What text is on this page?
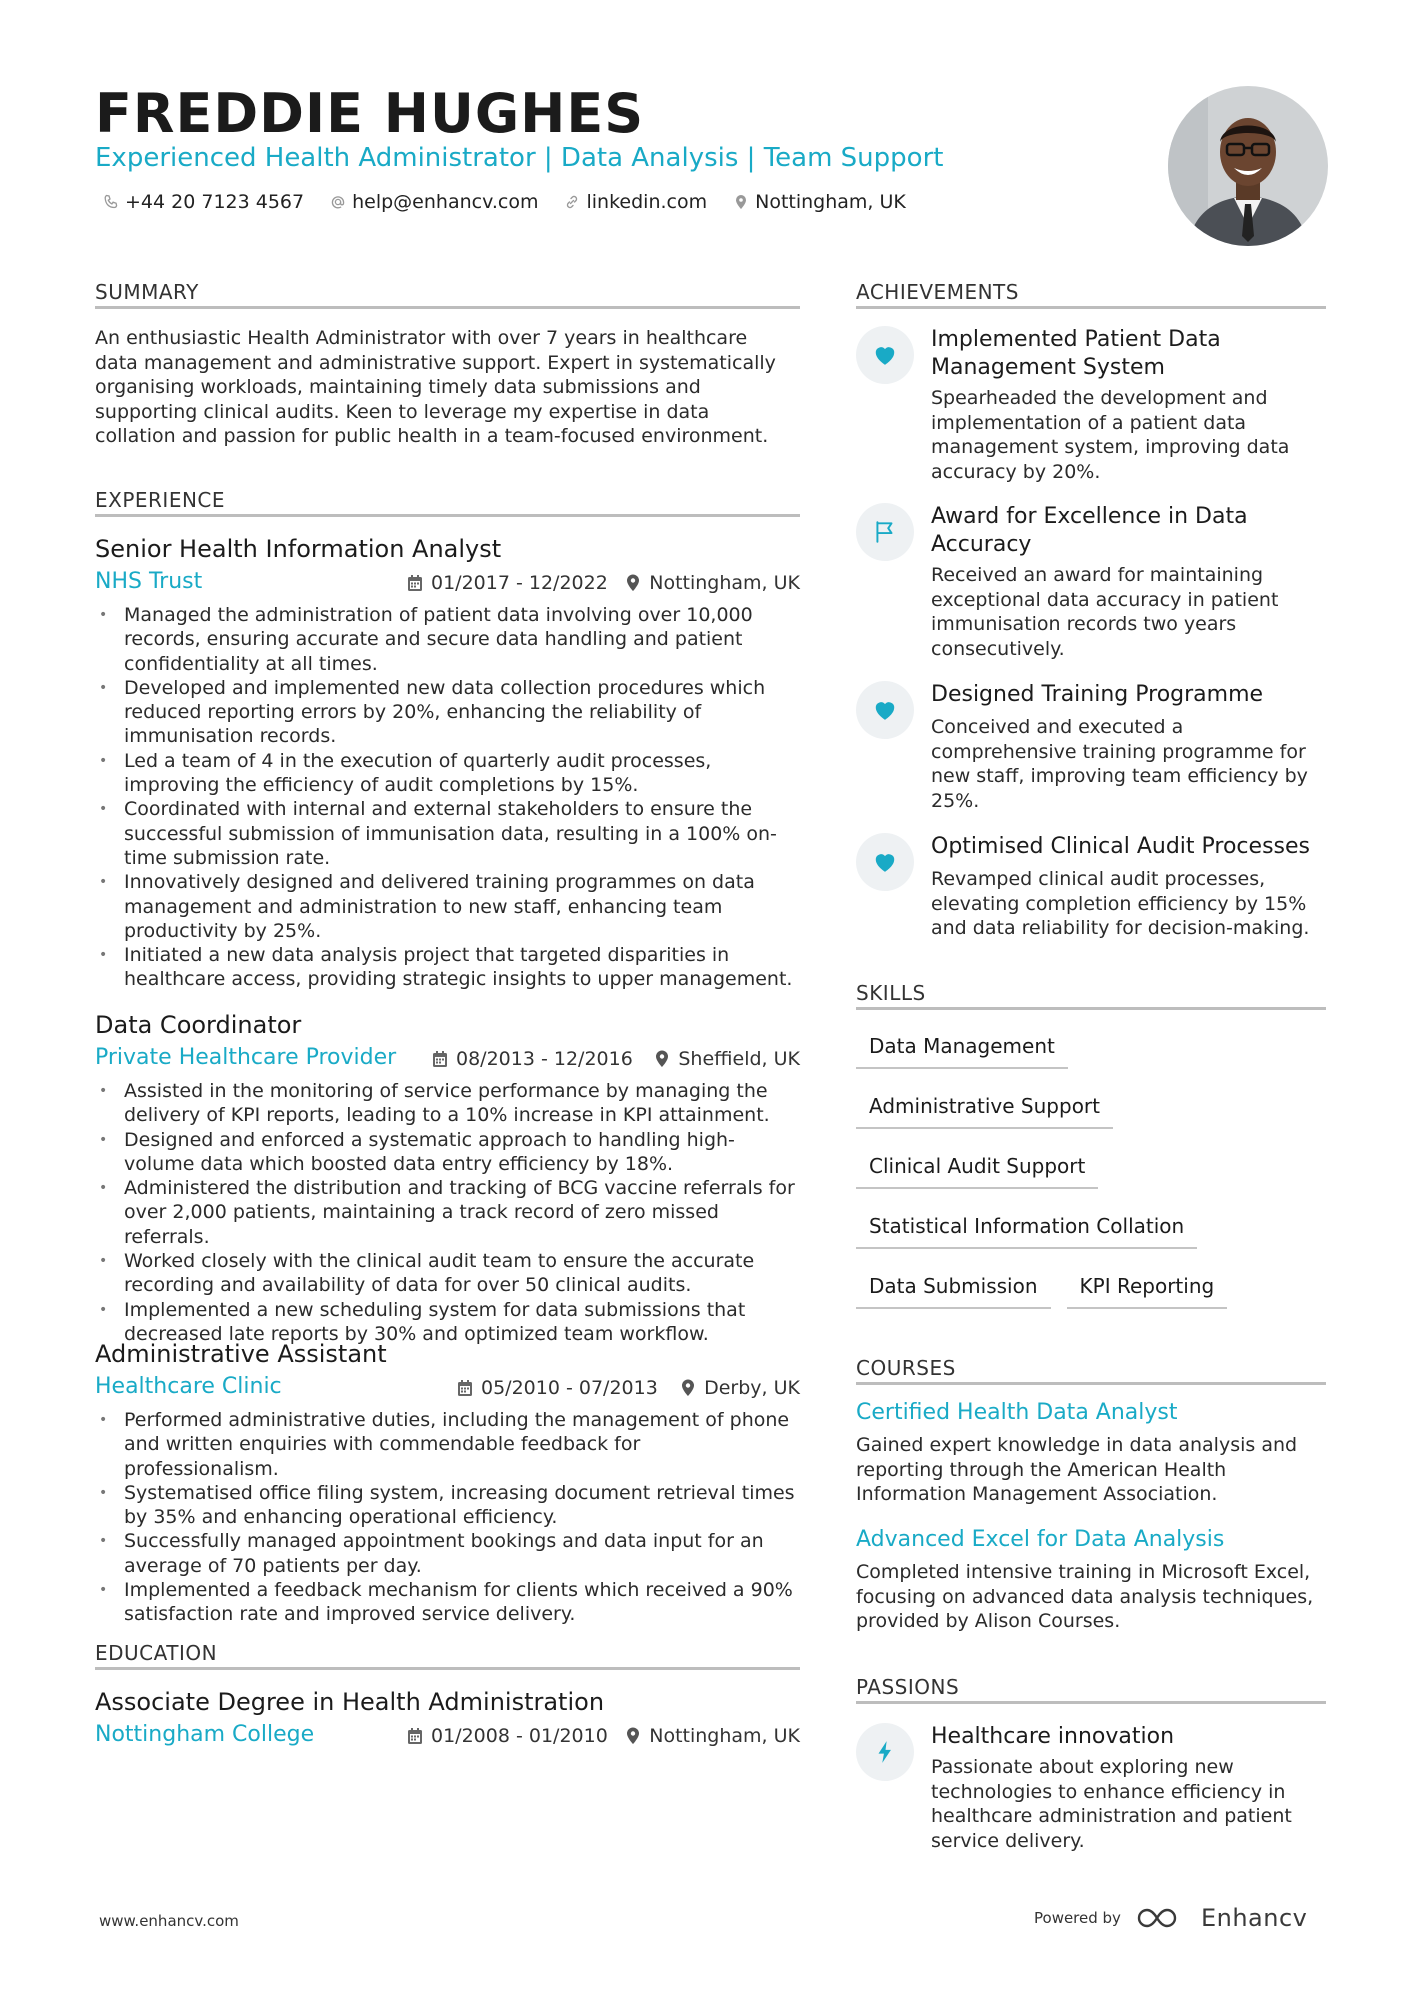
FREDDIE HUGHES
Experienced Health Administrator | Data Analysis | Team Support
+44 20 7123 4567	help@enhancv.com	linkedin.com	Nottingham, UK
SUMMARY
An enthusiastic Health Administrator with over 7 years in healthcare data management and administrative support. Expert in systematically organising workloads, maintaining timely data submissions and supporting clinical audits. Keen to leverage my expertise in data collation and passion for public health in a team-focused environment.
EXPERIENCE
Senior Health Information Analyst
NHS Trust	01/2017 - 12/2022 Nottingham, UK
• Managed the administration of patient data involving over 10,000 records, ensuring accurate and secure data handling and patient confidentiality at all times.
• Developed and implemented new data collection procedures which reduced reporting errors by 20%, enhancing the reliability of immunisation records.
• Led a team of 4 in the execution of quarterly audit processes, improving the efficiency of audit completions by 15%.
• Coordinated with internal and external stakeholders to ensure the successful submission of immunisation data, resulting in a 100% on-time submission rate.
• Innovatively designed and delivered training programmes on data management and administration to new staff, enhancing team productivity by 25%.
• Initiated a new data analysis project that targeted disparities in healthcare access, providing strategic insights to upper management.
Data Coordinator
Private Healthcare Provider	08/2013 - 12/2016 Sheffield, UK
• Assisted in the monitoring of service performance by managing the delivery of KPI reports, leading to a 10% increase in KPI attainment.
• Designed and enforced a systematic approach to handling high-volume data which boosted data entry efficiency by 18%.
• Administered the distribution and tracking of BCG vaccine referrals for over 2,000 patients, maintaining a track record of zero missed referrals.
• Worked closely with the clinical audit team to ensure the accurate recording and availability of data for over 50 clinical audits.
• Implemented a new scheduling system for data submissions that decreased late reports by 30% and optimized team workflow.
Administrative Assistant
Healthcare Clinic	05/2010 - 07/2013 Derby, UK
• Performed administrative duties, including the management of phone and written enquiries with commendable feedback for professionalism.
• Systematised office filing system, increasing document retrieval times by 35% and enhancing operational efficiency.
• Successfully managed appointment bookings and data input for an average of 70 patients per day.
• Implemented a feedback mechanism for clients which received a 90% satisfaction rate and improved service delivery.
EDUCATION
Associate Degree in Health Administration
Nottingham College	01/2008 - 01/2010 Nottingham, UK
ACHIEVEMENTS
Implemented Patient Data Management System
Spearheaded the development and implementation of a patient data management system, improving data accuracy by 20%.
Award for Excellence in Data Accuracy
Received an award for maintaining exceptional data accuracy in patient immunisation records two years consecutively.
Designed Training Programme
Conceived and executed a comprehensive training programme for new staff, improving team efficiency by 25%.
Optimised Clinical Audit Processes
Revamped clinical audit processes, elevating completion efficiency by 15% and data reliability for decision-making.
SKILLS
Data Management
Administrative Support
Clinical Audit Support
Statistical Information Collation
Data Submission	KPI Reporting
COURSES
Certified Health Data Analyst
Gained expert knowledge in data analysis and reporting through the American Health Information Management Association.
Advanced Excel for Data Analysis
Completed intensive training in Microsoft Excel, focusing on advanced data analysis techniques, provided by Alison Courses.
PASSIONS
Healthcare innovation
Passionate about exploring new technologies to enhance efficiency in healthcare administration and patient service delivery.
www.enhancv.com	Powered by	Enhancv
